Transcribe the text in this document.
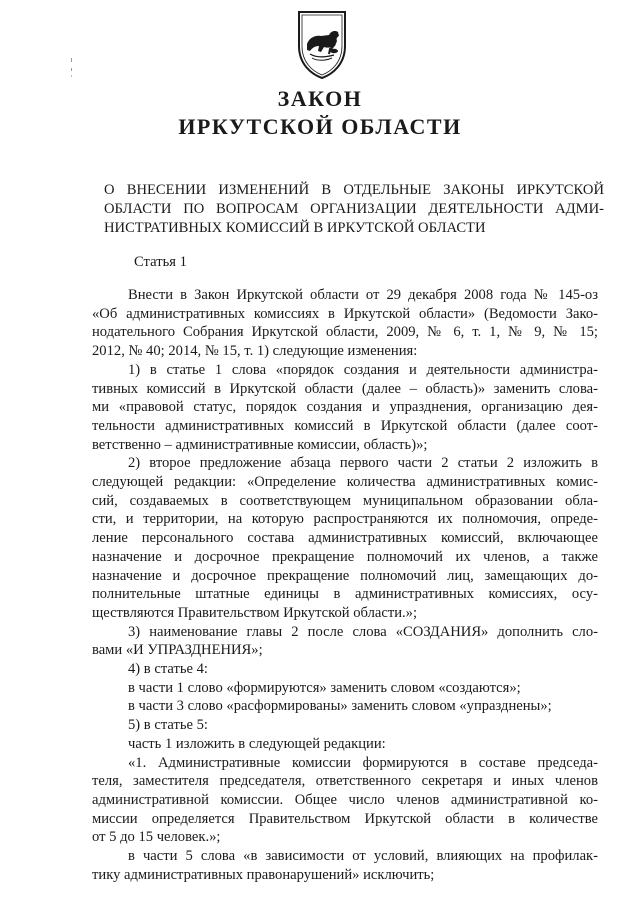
ЗАКОН
ИРКУТСКОЙ ОБЛАСТИ
О ВНЕСЕНИИ ИЗМЕНЕНИЙ В ОТДЕЛЬНЫЕ ЗАКОНЫ ИРКУТСКОЙ
ОБЛАСТИ ПО ВОПРОСАМ ОРГАНИЗАЦИИ ДЕЯТЕЛЬНОСТИ АДМИ-
НИСТРАТИВНЫХ КОМИССИЙ В ИРКУТСКОЙ ОБЛАСТИ
Статья 1
Внести в Закон Иркутской области от 29 декабря 2008 года № 145-оз
«Об административных комиссиях в Иркутской области» (Ведомости Зако-
нодательного Собрания Иркутской области, 2009, № 6, т. 1, № 9, № 15;
2012, № 40; 2014, № 15, т. 1) следующие изменения:
1) в статье 1 слова «порядок создания и деятельности администра-
тивных комиссий в Иркутской области (далее – область)» заменить слова-
ми «правовой статус, порядок создания и упразднения, организацию дея-
тельности административных комиссий в Иркутской области (далее соот-
ветственно – административные комиссии, область)»;
2) второе предложение абзаца первого части 2 статьи 2 изложить в
следующей редакции: «Определение количества административных комис-
сий, создаваемых в соответствующем муниципальном образовании обла-
сти, и территории, на которую распространяются их полномочия, опреде-
ление персонального состава административных комиссий, включающее
назначение и досрочное прекращение полномочий их членов, а также
назначение и досрочное прекращение полномочий лиц, замещающих до-
полнительные штатные единицы в административных комиссиях, осу-
ществляются Правительством Иркутской области.»;
3) наименование главы 2 после слова «СОЗДАНИЯ» дополнить сло-
вами «И УПРАЗДНЕНИЯ»;
4) в статье 4:
в части 1 слово «формируются» заменить словом «создаются»;
в части 3 слово «расформированы» заменить словом «упразднены»;
5) в статье 5:
часть 1 изложить в следующей редакции:
«1. Административные комиссии формируются в составе председа-
теля, заместителя председателя, ответственного секретаря и иных членов
административной комиссии. Общее число членов административной ко-
миссии определяется Правительством Иркутской области в количестве
от 5 до 15 человек.»;
в части 5 слова «в зависимости от условий, влияющих на профилак-
тику административных правонарушений» исключить;
